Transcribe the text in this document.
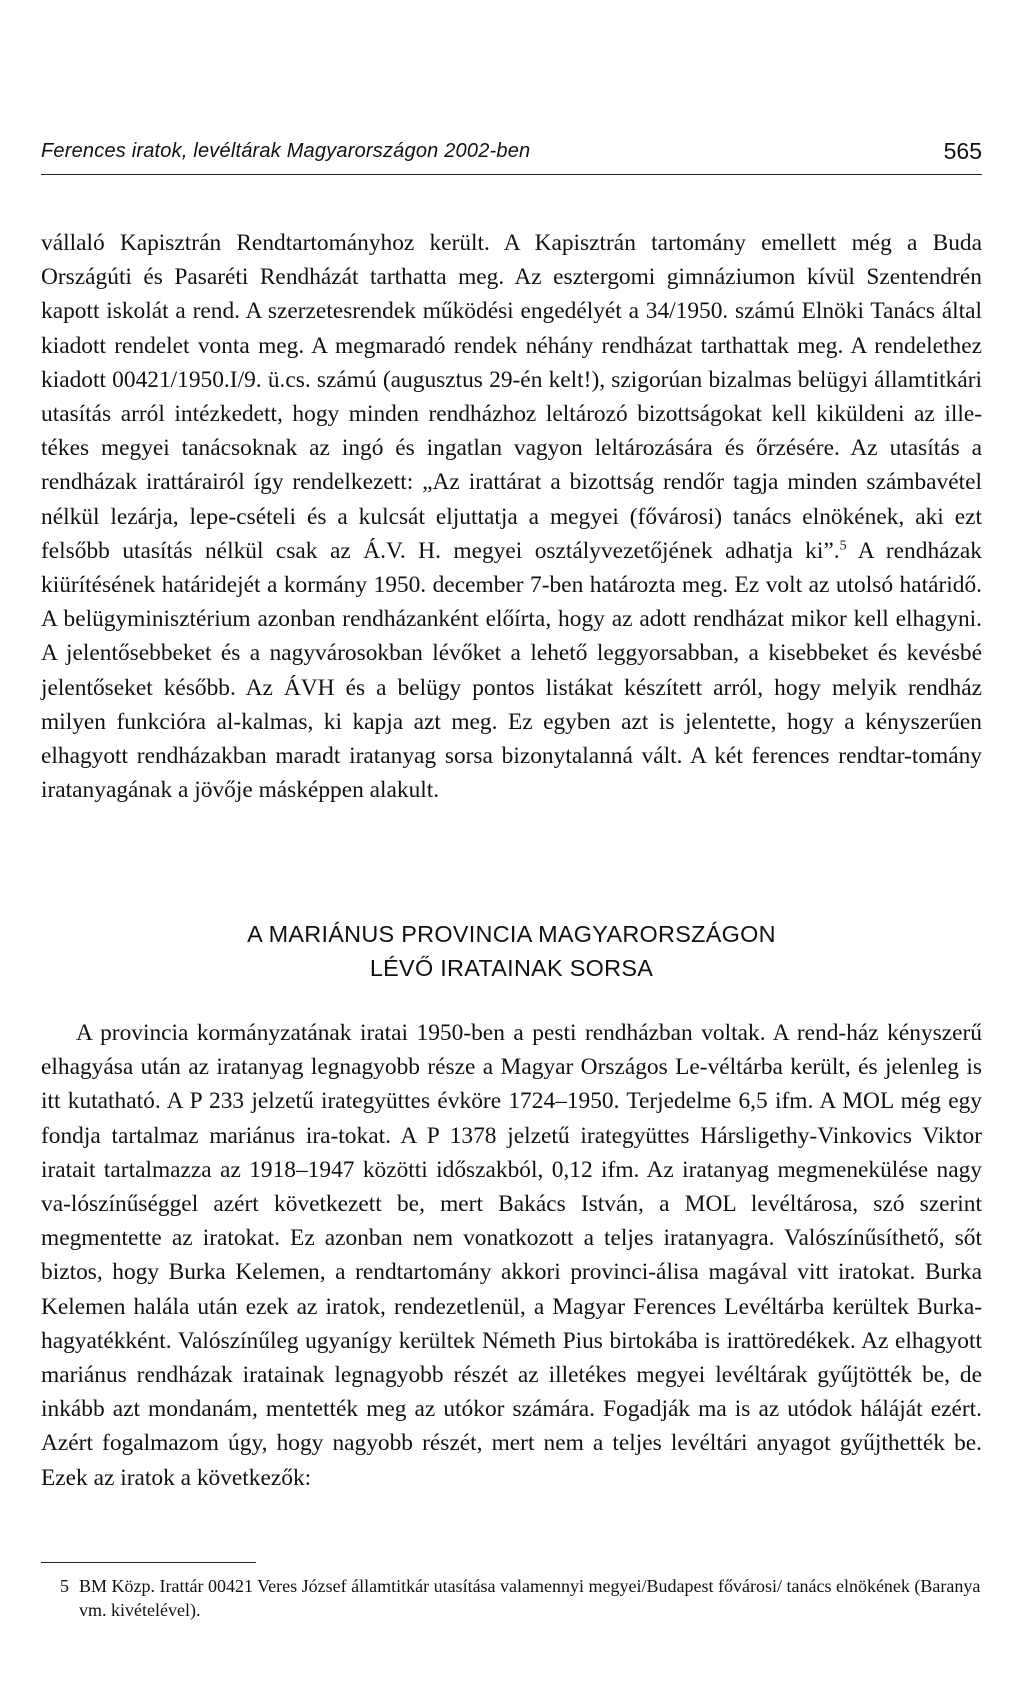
Ferences iratok, levéltárak Magyarországon 2002-ben	565

vállaló Kapisztrán Rendtartományhoz került. A Kapisztrán tartomány emellett még a Buda Országúti és Pasaréti Rendházát tarthatta meg. Az esztergomi gimnáziumon kívül Szentendrén kapott iskolát a rend. A szerzetesrendek működési engedélyét a 34/1950. számú Elnöki Tanács által kiadott rendelet vonta meg. A megmaradó rendek néhány rendházat tarthattak meg. A rendelethez kiadott 00421/1950.I/9. ü.cs. számú (augusztus 29-én kelt!), szigorúan bizalmas belügyi államtitkári utasítás arról intézkedett, hogy minden rendházhoz leltározó bizottságokat kell kiküldeni az ille-tékes megyei tanácsoknak az ingó és ingatlan vagyon leltározására és őrzésére. Az utasítás a rendházak irattárairól így rendelkezett: „Az irattárat a bizottság rendőr tagja minden számbavétel nélkül lezárja, lepe-csételi és a kulcsát eljuttatja a megyei (fővárosi) tanács elnökének, aki ezt felsőbb utasítás nélkül csak az Á.V. H. megyei osztályvezetőjének adhatja ki”.$^5$ A rendházak kiürítésének határidejét a kormány 1950. december 7-ben határozta meg. Ez volt az utolsó határidő. A belügyminisztérium azonban rendházanként előírta, hogy az adott rendházat mikor kell elhagyni. A jelentősebbeket és a nagyvárosokban lévőket a lehető leggyorsabban, a kisebbeket és kevésbé jelentőseket később. Az ÁVH és a belügy pontos listákat készített arról, hogy melyik rendház milyen funkcióra al-kalmas, ki kapja azt meg. Ez egyben azt is jelentette, hogy a kényszerűen elhagyott rendházakban maradt iratanyag sorsa bizonytalanná vált. A két ferences rendtar-tomány iratanyagának a jövője másképpen alakult.

A MARIÁNUS PROVINCIA MAGYARORSZÁGON
LÉVŐ IRATAINAK SORSA

A provincia kormányzatának iratai 1950-ben a pesti rendházban voltak. A rend-ház kényszerű elhagyása után az iratanyag legnagyobb része a Magyar Országos Le-véltárba került, és jelenleg is itt kutatható. A P 233 jelzetű irategyüttes évköre 1724–1950. Terjedelme 6,5 ifm. A MOL még egy fondja tartalmaz mariánus ira-tokat. A P 1378 jelzetű irategyüttes Hársligethy-Vinkovics Viktor iratait tartalmazza az 1918–1947 közötti időszakból, 0,12 ifm. Az iratanyag megmenekülése nagy va-lószínűséggel azért következett be, mert Bakács István, a MOL levéltárosa, szó szerint megmentette az iratokat. Ez azonban nem vonatkozott a teljes iratanyagra. Valószínűsíthető, sőt biztos, hogy Burka Kelemen, a rendtartomány akkori provinci-álisa magával vitt iratokat. Burka Kelemen halála után ezek az iratok, rendezetlenül, a Magyar Ferences Levéltárba kerültek Burka-hagyatékként. Valószínűleg ugyanígy kerültek Németh Pius birtokába is irattöredékek. Az elhagyott mariánus rendházak iratainak legnagyobb részét az illetékes megyei levéltárak gyűjtötték be, de inkább azt mondanám, mentették meg az utókor számára. Fogadják ma is az utódok háláját ezért. Azért fogalmazom úgy, hogy nagyobb részét, mert nem a teljes levéltári anyagot gyűjthették be. Ezek az iratok a következők:

5 BM Közp. Irattár 00421 Veres József államtitkár utasítása valamennyi megyei/Budapest fővárosi/ tanács elnökének (Baranya vm. kivételével).
